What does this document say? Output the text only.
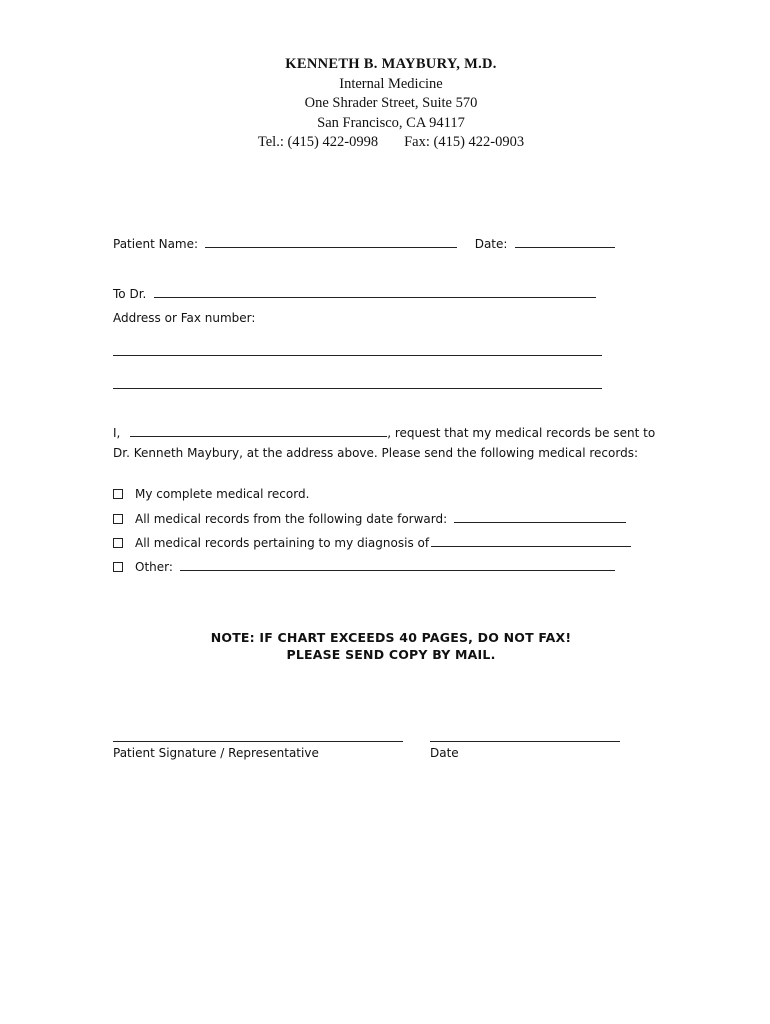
KENNETH B. MAYBURY, M.D.
Internal Medicine
One Shrader Street, Suite 570
San Francisco, CA 94117
Tel.: (415) 422-0998 Fax: (415) 422-0903
Patient Name:	Date:
To Dr.
Address or Fax number:
I,	, request that my medical records be sent to
Dr. Kenneth Maybury, at the address above. Please send the following medical records:
My complete medical record.
All medical records from the following date forward:
All medical records pertaining to my diagnosis of
Other:
NOTE: IF CHART EXCEEDS 40 PAGES, DO NOT FAX!
PLEASE SEND COPY BY MAIL.
Patient Signature / Representative	Date
